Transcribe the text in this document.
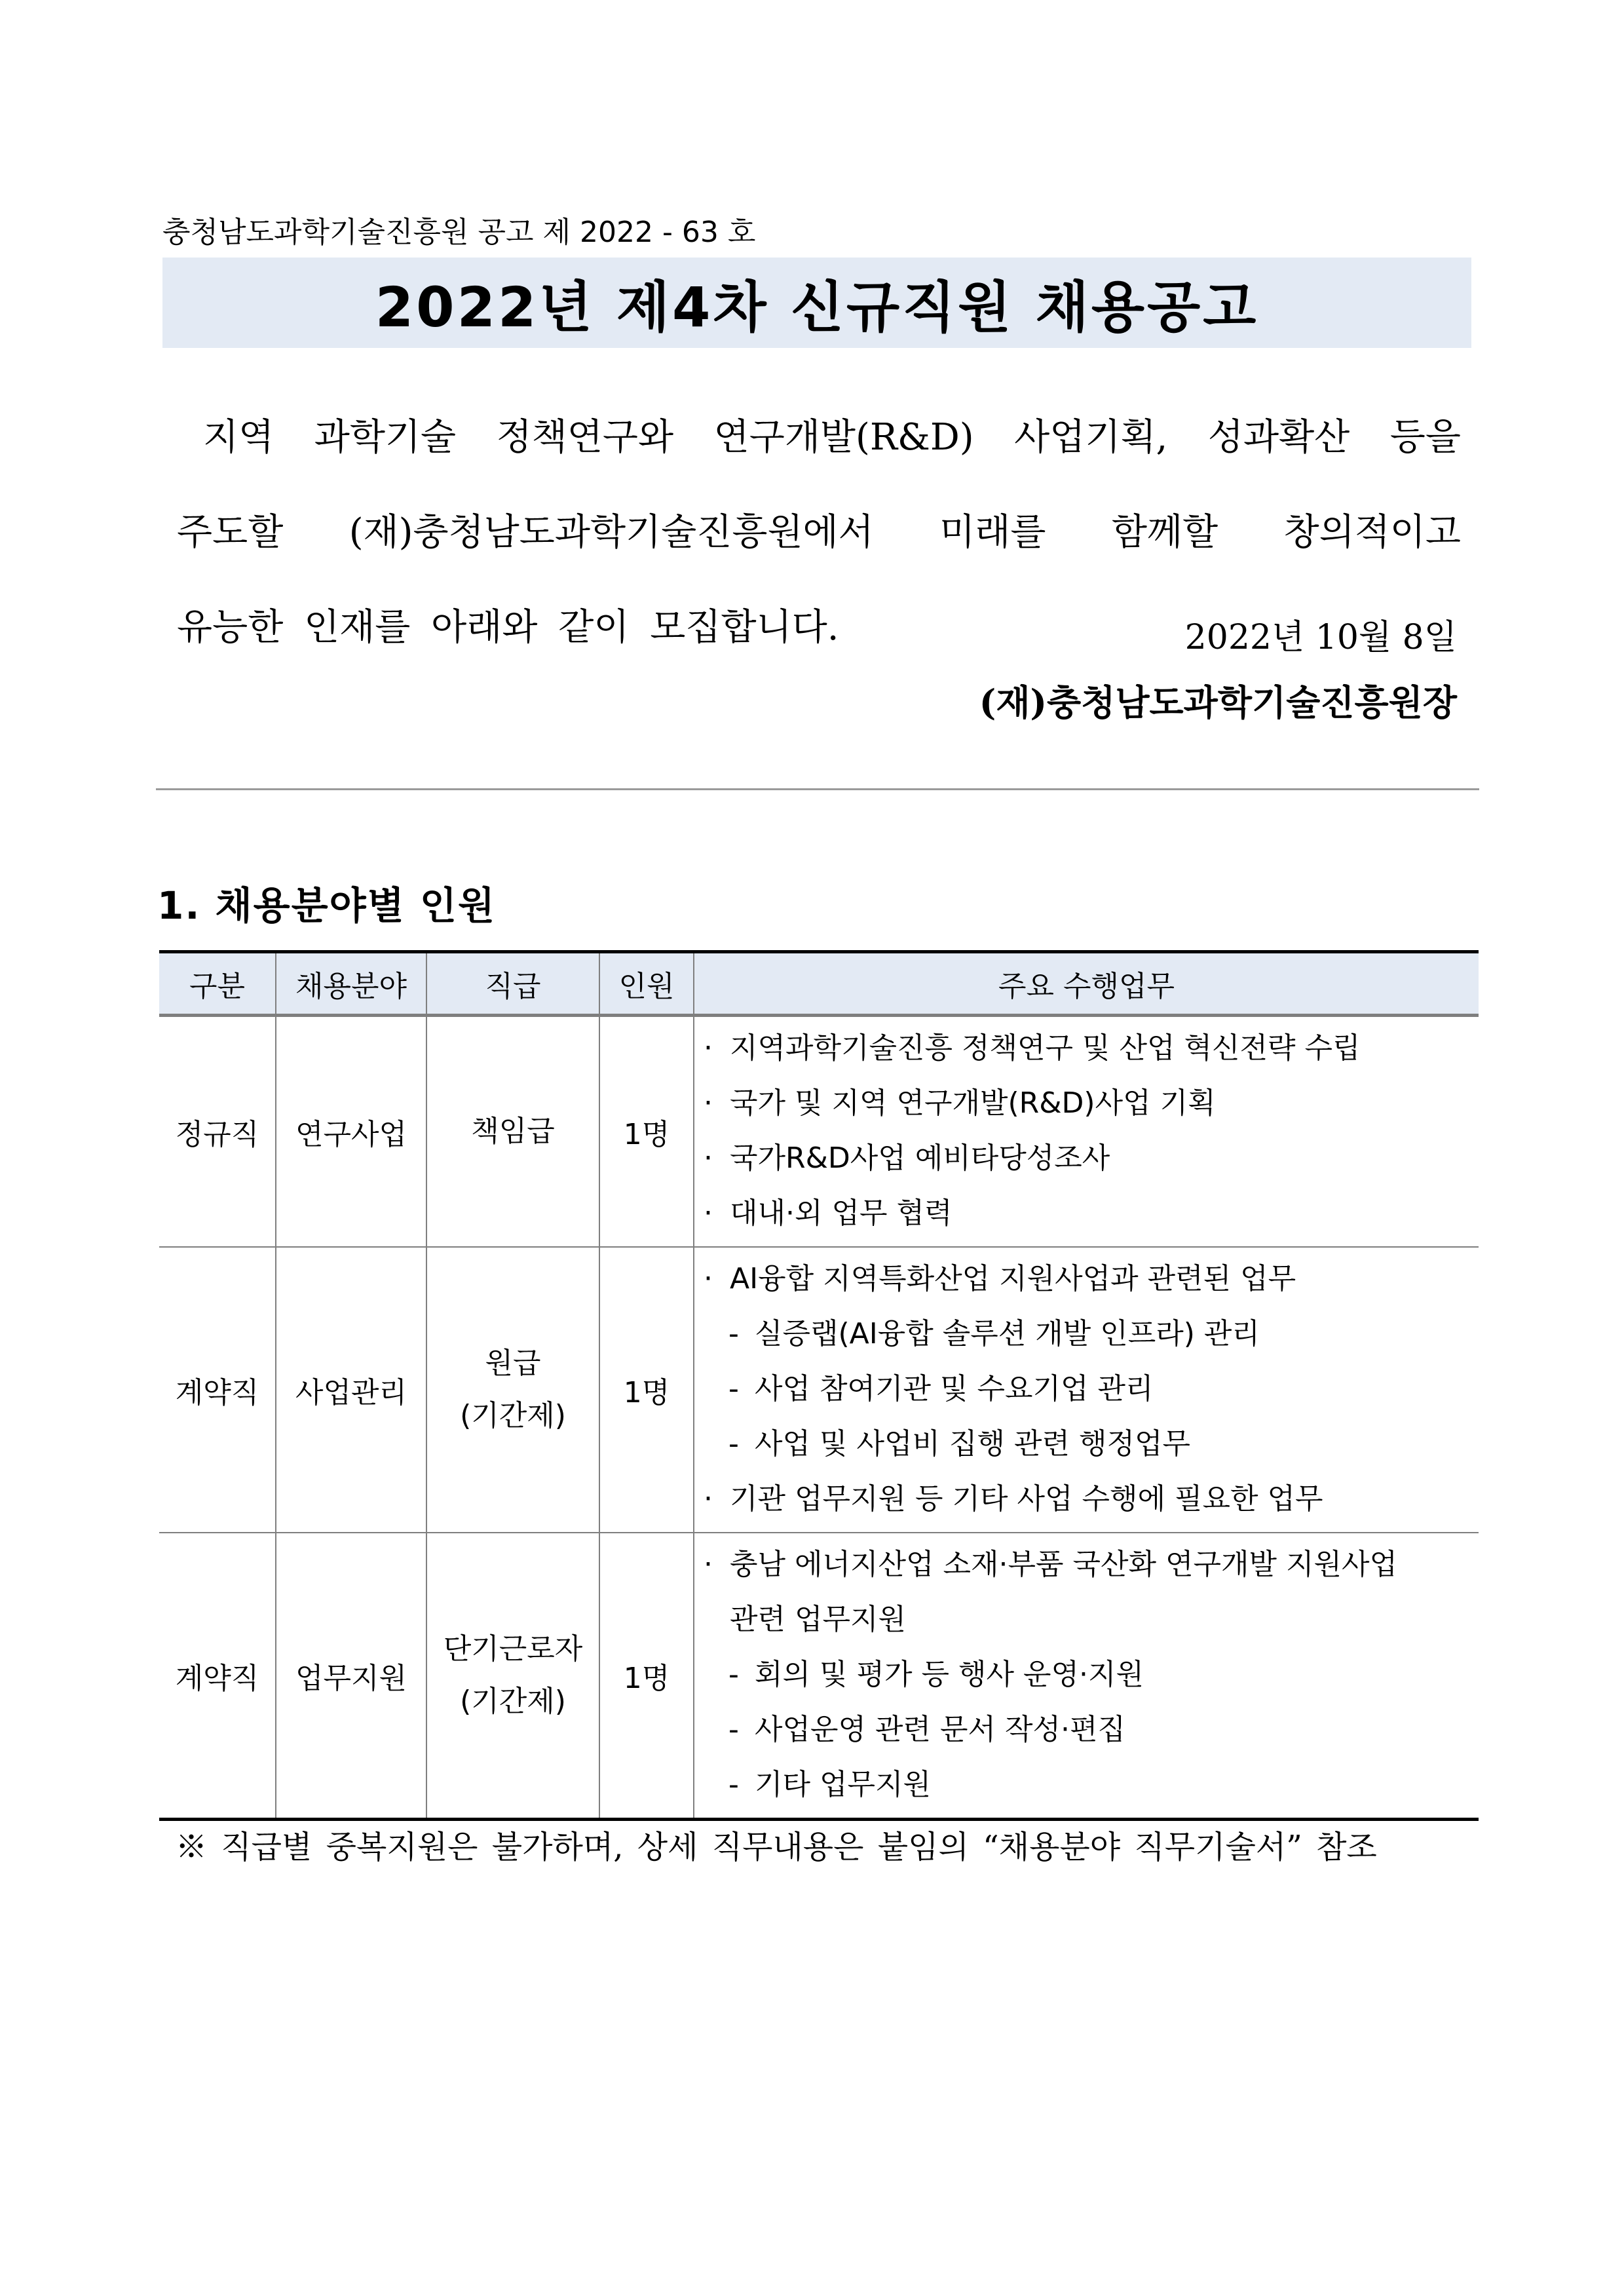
충청남도과학기술진흥원 공고 제 2022 - 63 호
2022년 제4차 신규직원 채용공고
지역 과학기술 정책연구와 연구개발(R&D) 사업기획, 성과확산 등을
주도할 (재)충청남도과학기술진흥원에서 미래를 함께할 창의적이고
유능한 인재를 아래와 같이 모집합니다.	2022년 10월 8일
(재)충청남도과학기술진흥원장
1. 채용분야별 인원
구분	채용분야	직급	인원	주요 수행업무
정규직	연구사업	책임급	1명	· 지역과학기술진흥 정책연구 및 산업 혁신전략 수립
· 국가 및 지역 연구개발(R&D)사업 기획
· 국가R&D사업 예비타당성조사
· 대내·외 업무 협력

계약직	사업관리	원급
(기간제)	1명	· AI융합 지역특화산업 지원사업과 관련된 업무
- 실증랩(AI융합 솔루션 개발 인프라) 관리
- 사업 참여기관 및 수요기업 관리
- 사업 및 사업비 집행 관련 행정업무
· 기관 업무지원 등 기타 사업 수행에 필요한 업무

계약직	업무지원	단기근로자
(기간제)	1명	· 충남 에너지산업 소재·부품 국산화 연구개발 지원사업
관련 업무지원
- 회의 및 평가 등 행사 운영·지원
- 사업운영 관련 문서 작성·편집
- 기타 업무지원
※ 직급별 중복지원은 불가하며, 상세 직무내용은 붙임의 “채용분야 직무기술서” 참조
